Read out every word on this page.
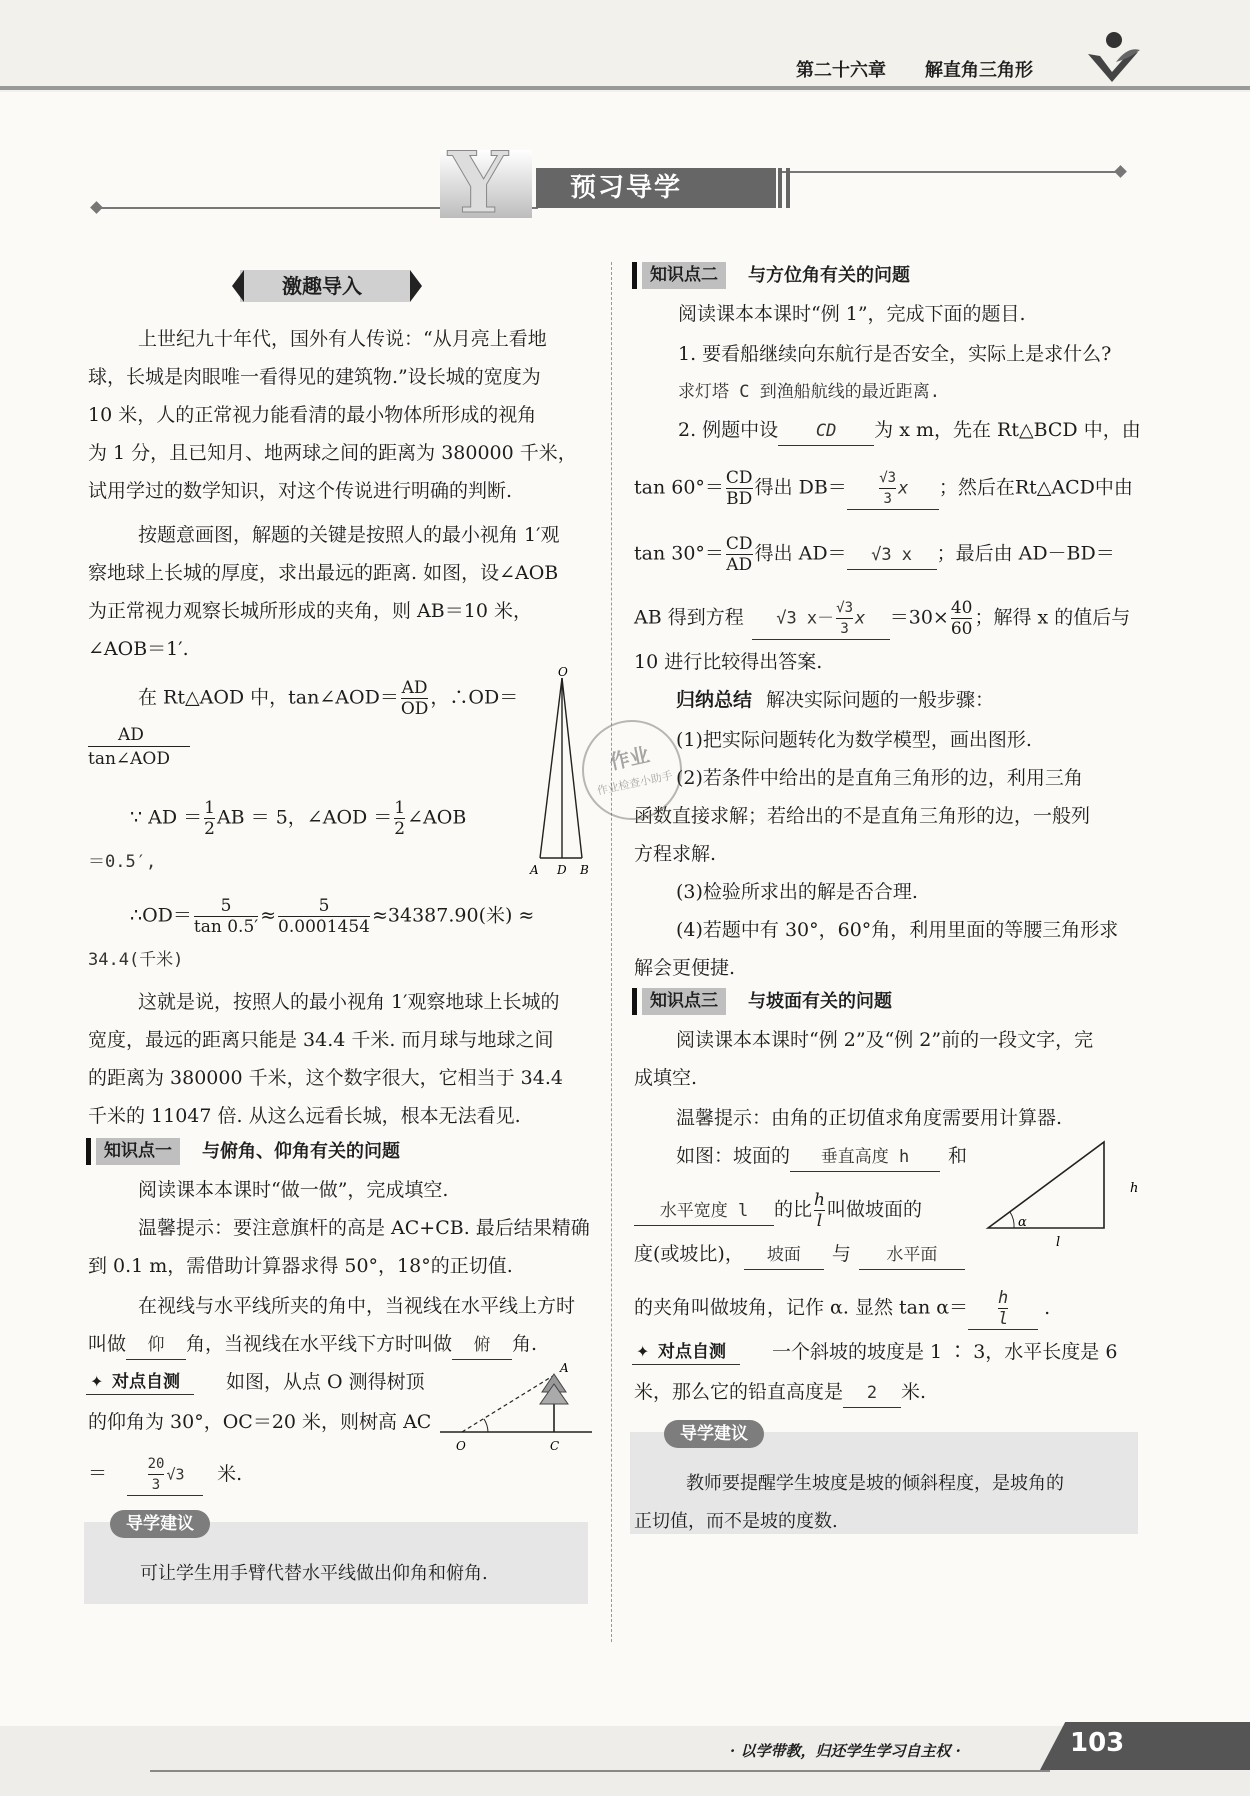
第二十六章 解直角三角形
Y 预习导学
激趣导入
上世纪九十年代，国外有人传说：“从月亮上看地
球，长城是肉眼唯一看得见的建筑物.”设长城的宽度为
10 米，人的正常视力能看清的最小物体所形成的视角
为 1 分，且已知月、地两球之间的距离为 380000 千米，
试用学过的数学知识，对这个传说进行明确的判断.
按题意画图，解题的关键是按照人的最小视角 1′观
察地球上长城的厚度，求出最远的距离. 如图，设∠AOB
为正常视力观察长城所形成的夹角，则 AB＝10 米，
∠AOB＝1′.
在 Rt△AOD 中，tan∠AOD＝ $\frac{AD}{OD}$ ，∴OD＝
AD
tan∠AOD
∵ AD ＝ $\frac{1}{2}$ AB ＝ 5，∠AOD ＝ $\frac{1}{2}$ ∠AOB
＝0.5′,
∴OD＝ $\frac{5}{\tan 0.5'} \approx \frac{5}{0.0001454} \approx 34387.90$(米) ≈
34.4(千米)
这就是说，按照人的最小视角 1′观察地球上长城的
宽度，最远的距离只能是 34.4 千米. 而月球与地球之间
的距离为 380000 千米，这个数字很大，它相当于 34.4
千米的 11047 倍. 从这么远看长城，根本无法看见.
O
A D B
知识点一	与俯角、仰角有关的问题
阅读课本本课时“做一做”，完成填空.
温馨提示：要注意旗杆的高是 AC+CB. 最后结果精确
到 0.1 m，需借助计算器求得 50°，18°的正切值.
在视线与水平线所夹的角中，当视线在水平线上方时
叫做 仰 角，当视线在水平线下方时叫做 俯 角.
✦ 对点自测	如图，从点 O 测得树顶
的仰角为 30°，OC＝20 米，则树高 AC
＝	$\frac{20}{3} √3$ 米.
A
O	C
导学建议
可让学生用手臂代替水平线做出仰角和俯角.
知识点二	与方位角有关的问题
阅读课本本课时“例 1”，完成下面的题目.
1. 要看船继续向东航行是否安全，实际上是求什么?
求灯塔 C 到渔船航线的最近距离.
2. 例题中设 CD 为 x m，先在 Rt△BCD 中，由
$\tan 60^\circ= \frac{CD}{BD}$ 得出 $DB= \frac{√3}{3}$ x ；然后在Rt△ACD中由
$\tan 30^\circ= \frac{CD}{AD}$ 得出 AD＝ √3 x ；最后由 AD－BD＝
AB 得到方程 √3 $x- \frac{√3}{3}$ $x =30\times \frac{40}{60}$ ；解得 x 的值后与
10 进行比较得出答案.
归纳总结 解决实际问题的一般步骤：
(1)把实际问题转化为数学模型，画出图形.
(2)若条件中给出的是直角三角形的边，利用三角
函数直接求解；若给出的不是直角三角形的边，一般列
方程求解.
(3)检验所求出的解是否合理.
(4)若题中有 30°，60°角，利用里面的等腰三角形求
解会更便捷.
作业
作业检查小助手
知识点三	与坡面有关的问题
阅读课本本课时“例 2”及“例 2”前的一段文字，完
成填空.
温馨提示：由角的正切值求角度需要用计算器.
如图：坡面的 垂直高度 h 和
水平宽度 l 的比 $\frac{h}{l}$ 叫做坡面的
度(或坡比)， 坡面 与 水平面
的夹角叫做坡角，记作 α. 显然 $\tan \alpha= \frac{h}{l}$ .
h
α
l
✦ 对点自测	一个斜坡的坡度是 1 ∶ 3，水平长度是 6
米，那么它的铅直高度是 2 米.
导学建议
教师要提醒学生坡度是坡的倾斜程度，是坡角的
正切值，而不是坡的度数.
· 以学带教，归还学生学习自主权 ·	103
